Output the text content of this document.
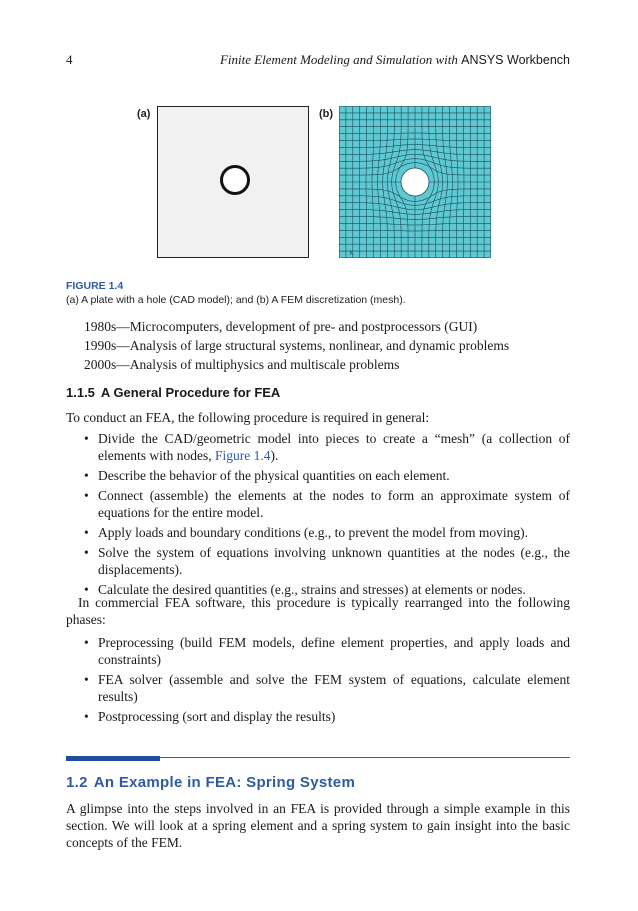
4	Finite Element Modeling and Simulation with ANSYS Workbench
(a)	(b)
X
FIGURE 1.4
(a) A plate with a hole (CAD model); and (b) A FEM discretization (mesh).
1980s—Microcomputers, development of pre- and postprocessors (GUI)
1990s—Analysis of large structural systems, nonlinear, and dynamic problems
2000s—Analysis of multiphysics and multiscale problems
1.1.5 A General Procedure for FEA
To conduct an FEA, the following procedure is required in general:
• Divide the CAD/geometric model into pieces to create a “mesh” (a collection of elements with nodes, Figure 1.4).
• Describe the behavior of the physical quantities on each element.
• Connect (assemble) the elements at the nodes to form an approximate system of equations for the entire model.
• Apply loads and boundary conditions (e.g., to prevent the model from moving).
• Solve the system of equations involving unknown quantities at the nodes (e.g., the displacements).
• Calculate the desired quantities (e.g., strains and stresses) at elements or nodes.
In commercial FEA software, this procedure is typically rearranged into the following phases:
• Preprocessing (build FEM models, define element properties, and apply loads and constraints)
• FEA solver (assemble and solve the FEM system of equations, calculate element results)
• Postprocessing (sort and display the results)
1.2 An Example in FEA: Spring System
A glimpse into the steps involved in an FEA is provided through a simple example in this section. We will look at a spring element and a spring system to gain insight into the basic concepts of the FEM.
